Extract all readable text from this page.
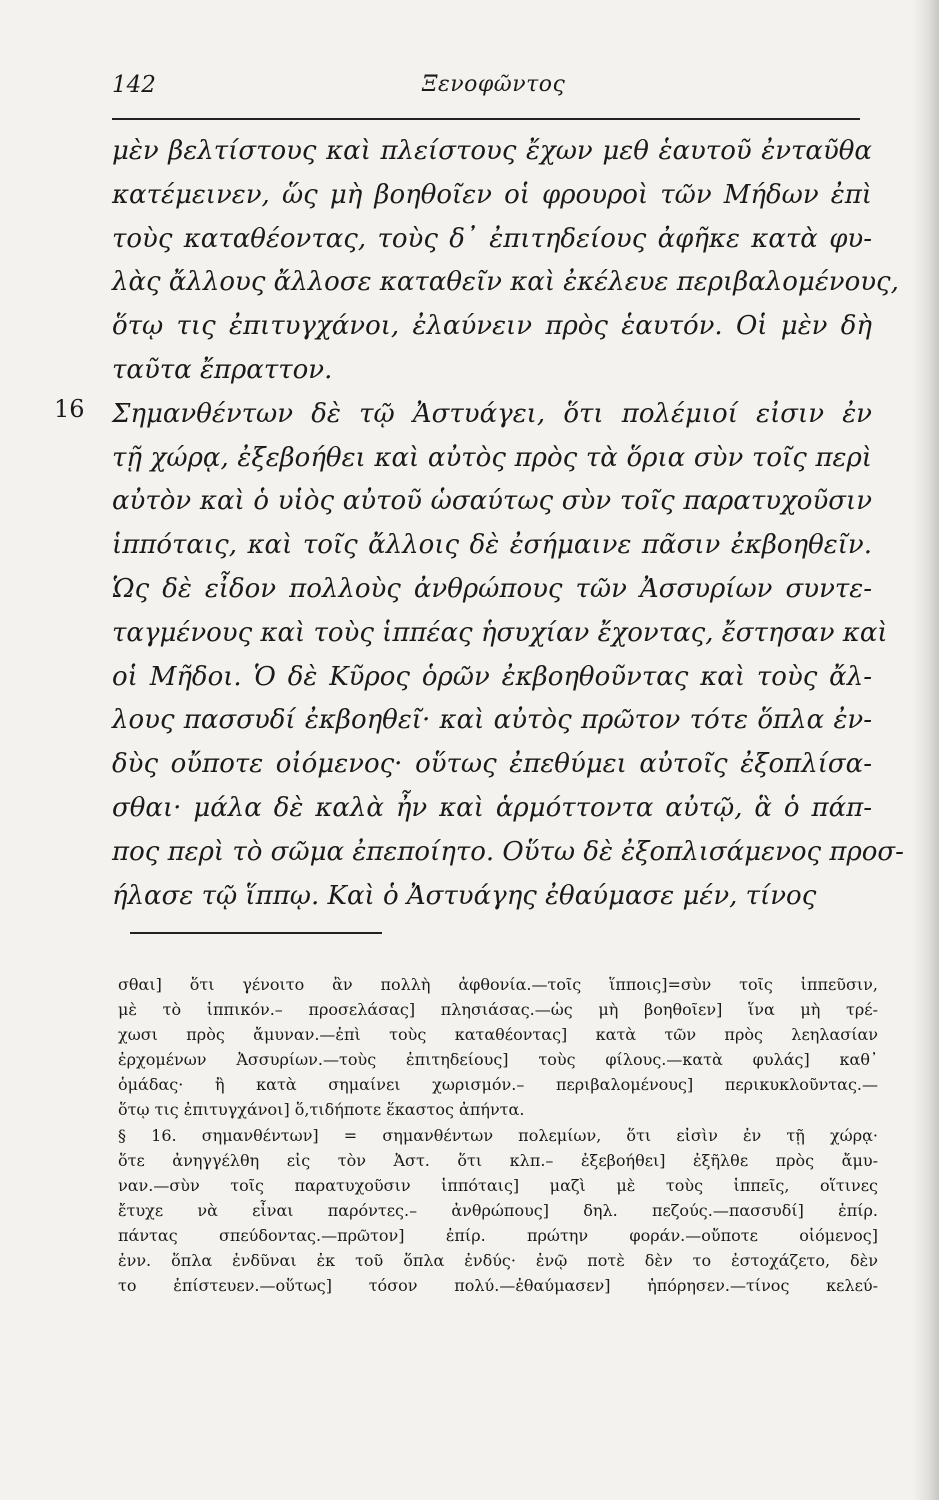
142	Ξενοφῶντος
16
μὲν βελτίστους καὶ πλείστους ἔχων μεθ ἑαυτοῦ ἐνταῦθα
κατέμεινεν, ὥς μὴ βοηθοῖεν οἱ φρουροὶ τῶν Μήδων ἐπὶ
τοὺς καταθέοντας, τοὺς δ᾽ ἐπιτηδείους ἀφῆκε κατὰ φυ-
λὰς ἄλλους ἄλλοσε καταθεῖν καὶ ἐκέλευε περιβαλομένους,
ὅτῳ τις ἐπιτυγχάνοι, ἐλαύνειν πρὸς ἑαυτόν. Οἱ μὲν δὴ
ταῦτα ἔπραττον.
Σημανθέντων δὲ τῷ Ἀστυάγει, ὅτι πολέμιοί εἰσιν ἐν
τῇ χώρᾳ, ἐξεβοήθει καὶ αὐτὸς πρὸς τὰ ὅρια σὺν τοῖς περὶ
αὐτὸν καὶ ὁ υἱὸς αὐτοῦ ὡσαύτως σὺν τοῖς παρατυχοῦσιν
ἱππόταις, καὶ τοῖς ἄλλοις δὲ ἐσήμαινε πᾶσιν ἐκβοηθεῖν.
Ὡς δὲ εἶδον πολλοὺς ἀνθρώπους τῶν Ἀσσυρίων συντε-
ταγμένους καὶ τοὺς ἱππέας ἡσυχίαν ἔχοντας, ἔστησαν καὶ
οἱ Μῆδοι. Ὁ δὲ Κῦρος ὁρῶν ἐκβοηθοῦντας καὶ τοὺς ἄλ-
λους πασσυδί ἐκβοηθεῖ· καὶ αὐτὸς πρῶτον τότε ὅπλα ἐν-
δὺς οὔποτε οἰόμενος· οὕτως ἐπεθύμει αὐτοῖς ἐξοπλίσα-
σθαι· μάλα δὲ καλὰ ἦν καὶ ἁρμόττοντα αὐτῷ, ἃ ὁ πάπ-
πος περὶ τὸ σῶμα ἐπεποίητο. Οὕτω δὲ ἐξοπλισάμενος προσ-
ήλασε τῷ ἵππῳ. Καὶ ὁ Ἀστυάγης ἐθαύμασε μέν, τίνος
σθαι] ὅτι γένοιτο ἂν πολλὴ ἀφθονία.—τοῖς ἵπποις]=σὺν τοῖς ἱππεῦσιν,
μὲ τὸ ἱππικόν.– προσελάσας] πλησιάσας.—ὡς μὴ βοηθοῖεν] ἵνα μὴ τρέ-
χωσι πρὸς ἄμυναν.—ἐπὶ τοὺς καταθέοντας] κατὰ τῶν πρὸς λεηλασίαν
ἐρχομένων Ἀσσυρίων.—τοὺς ἐπιτηδείους] τοὺς φίλους.—κατὰ φυλάς] καθ᾽
ὁμάδας· ἢ κατὰ σημαίνει χωρισμόν.– περιβαλομένους] περικυκλοῦντας.—
ὅτῳ τις ἐπιτυγχάνοι] ὅ,τιδήποτε ἕκαστος ἀπήντα.
§ 16. σημανθέντων] = σημανθέντων πολεμίων, ὅτι εἰσὶν ἐν τῇ χώρᾳ·
ὅτε ἀνηγγέλθη εἰς τὸν Ἀστ. ὅτι κλπ.– ἐξεβοήθει] ἐξῆλθε πρὸς ἄμυ-
ναν.—σὺν τοῖς παρατυχοῦσιν ἱππόταις] μαζὶ μὲ τοὺς ἱππεῖς, οἵτινες
ἔτυχε νὰ εἶναι παρόντες.– ἀνθρώπους] δηλ. πεζούς.—πασσυδί] ἐπίρ.
πάντας σπεύδοντας.—πρῶτον] ἐπίρ. πρώτην φοράν.—οὔποτε οἰόμενος]
ἐνν. ὅπλα ἐνδῦναι ἐκ τοῦ ὅπλα ἐνδύς· ἐνῷ ποτὲ δὲν το ἐστοχάζετο, δὲν
το ἐπίστευεν.—οὕτως] τόσον πολύ.—ἐθαύμασεν] ἠπόρησεν.—τίνος κελεύ-
